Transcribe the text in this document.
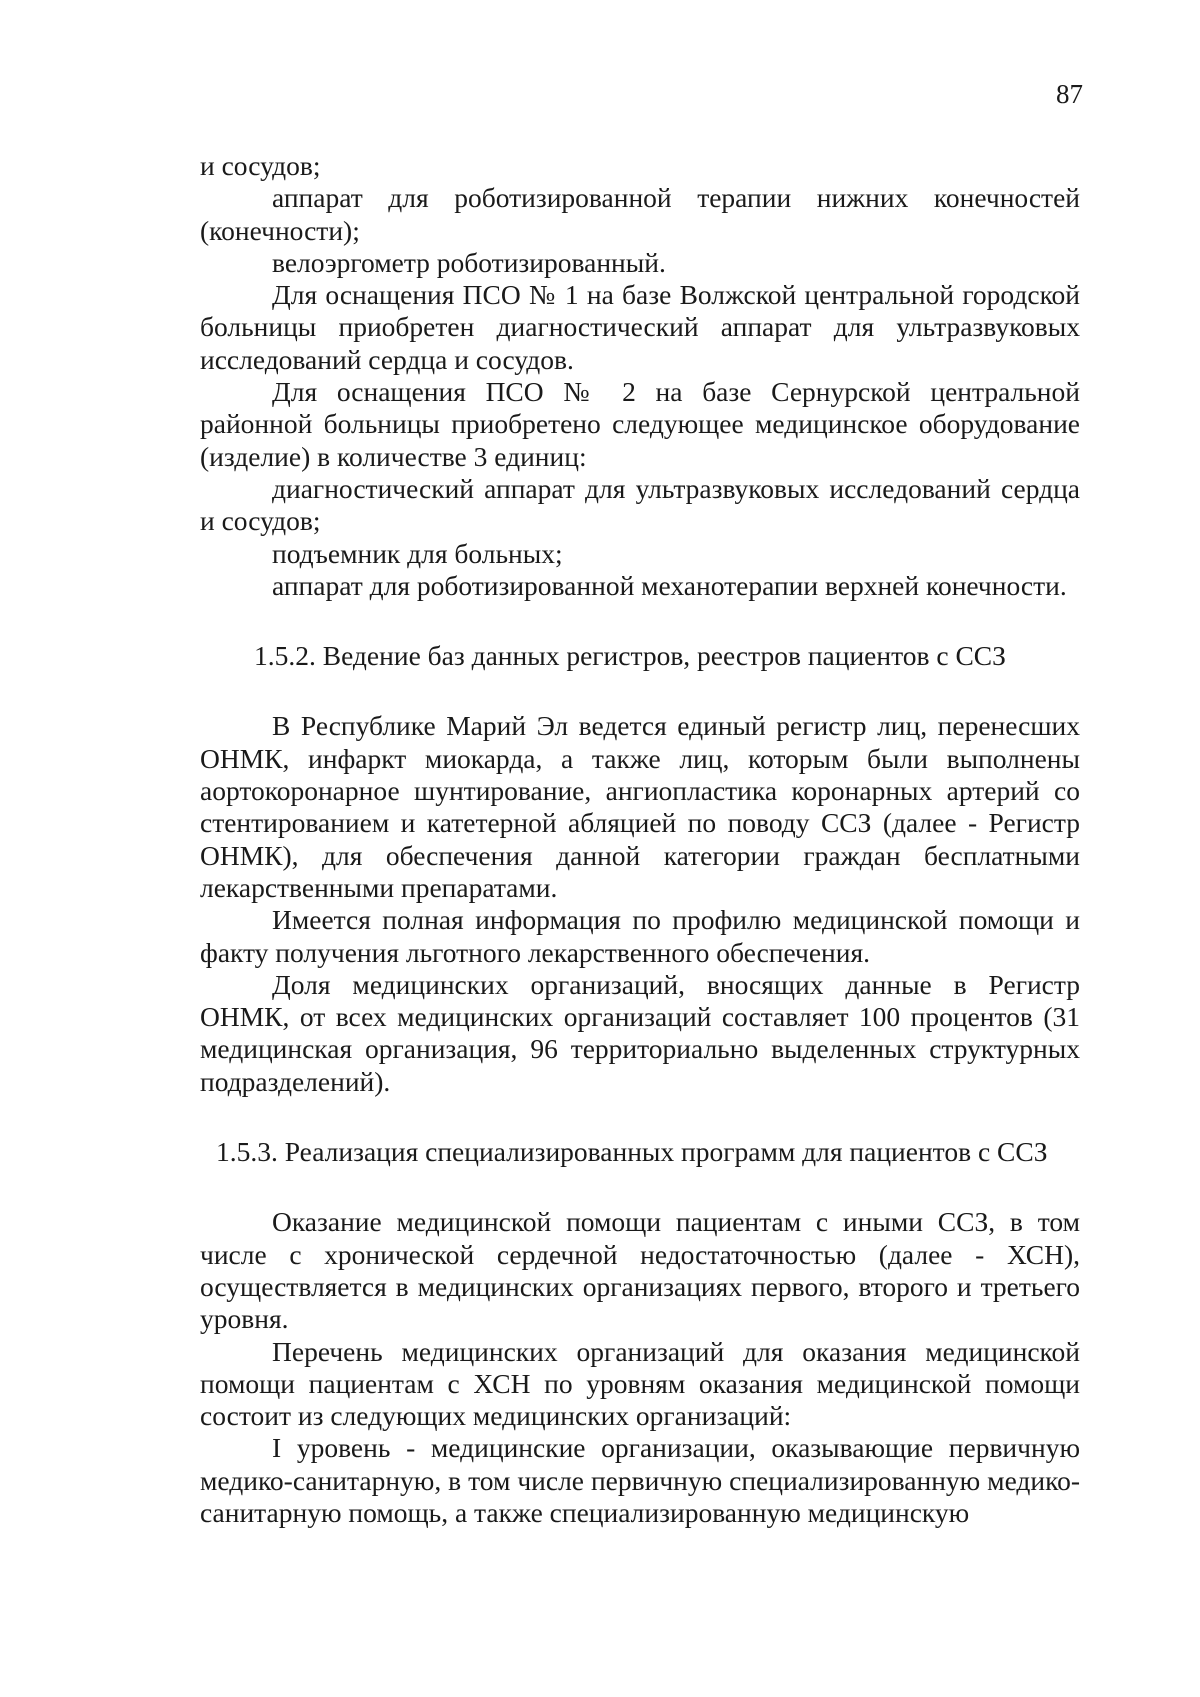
87

и сосудов;

аппарат для роботизированной терапии нижних конечностей (конечности);

велоэргометр роботизированный.

Для оснащения ПСО № 1 на базе Волжской центральной городской больницы приобретен диагностический аппарат для ультразвуковых исследований сердца и сосудов.

Для оснащения ПСО № 2 на базе Сернурской центральной районной больницы приобретено следующее медицинское оборудование (изделие) в количестве 3 единиц:

диагностический аппарат для ультразвуковых исследований сердца и сосудов;

подъемник для больных;

аппарат для роботизированной механотерапии верхней конечности.

1.5.2. Ведение баз данных регистров, реестров пациентов с ССЗ

В Республике Марий Эл ведется единый регистр лиц, перенесших ОНМК, инфаркт миокарда, а также лиц, которым были выполнены аортокоронарное шунтирование, ангиопластика коронарных артерий со стентированием и катетерной абляцией по поводу ССЗ (далее - Регистр ОНМК), для обеспечения данной категории граждан бесплатными лекарственными препаратами.

Имеется полная информация по профилю медицинской помощи и факту получения льготного лекарственного обеспечения.

Доля медицинских организаций, вносящих данные в Регистр ОНМК, от всех медицинских организаций составляет 100 процентов (31 медицинская организация, 96 территориально выделенных структурных подразделений).

1.5.3. Реализация специализированных программ для пациентов с ССЗ

Оказание медицинской помощи пациентам с иными ССЗ, в том числе с хронической сердечной недостаточностью (далее - ХСН), осуществляется в медицинских организациях первого, второго и третьего уровня.

Перечень медицинских организаций для оказания медицинской помощи пациентам с ХСН по уровням оказания медицинской помощи состоит из следующих медицинских организаций:

I уровень - медицинские организации, оказывающие первичную медико-санитарную, в том числе первичную специализированную медико-санитарную помощь, а также специализированную медицинскую
